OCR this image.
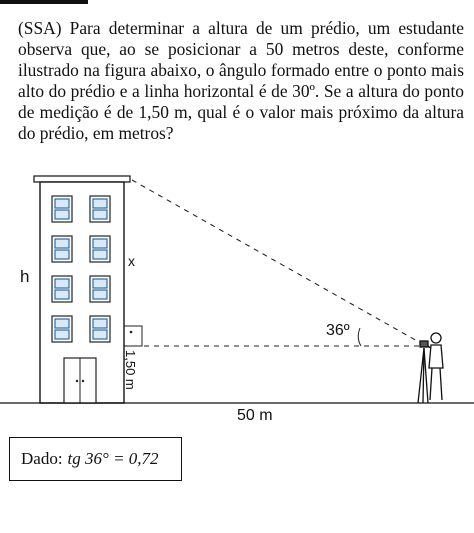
(SSA) Para determinar a altura de um prédio, um estudante observa que, ao se posicionar a 50 metros deste, conforme ilustrado na figura abaixo, o ângulo formado entre o ponto mais alto do prédio e a linha horizontal é de 30º. Se a altura do ponto de medição é de 1,50 m, qual é o valor mais próximo da altura do prédio, em metros?
h
x
36º
50 m
1,50 m
Dado: tg 36° = 0,72
